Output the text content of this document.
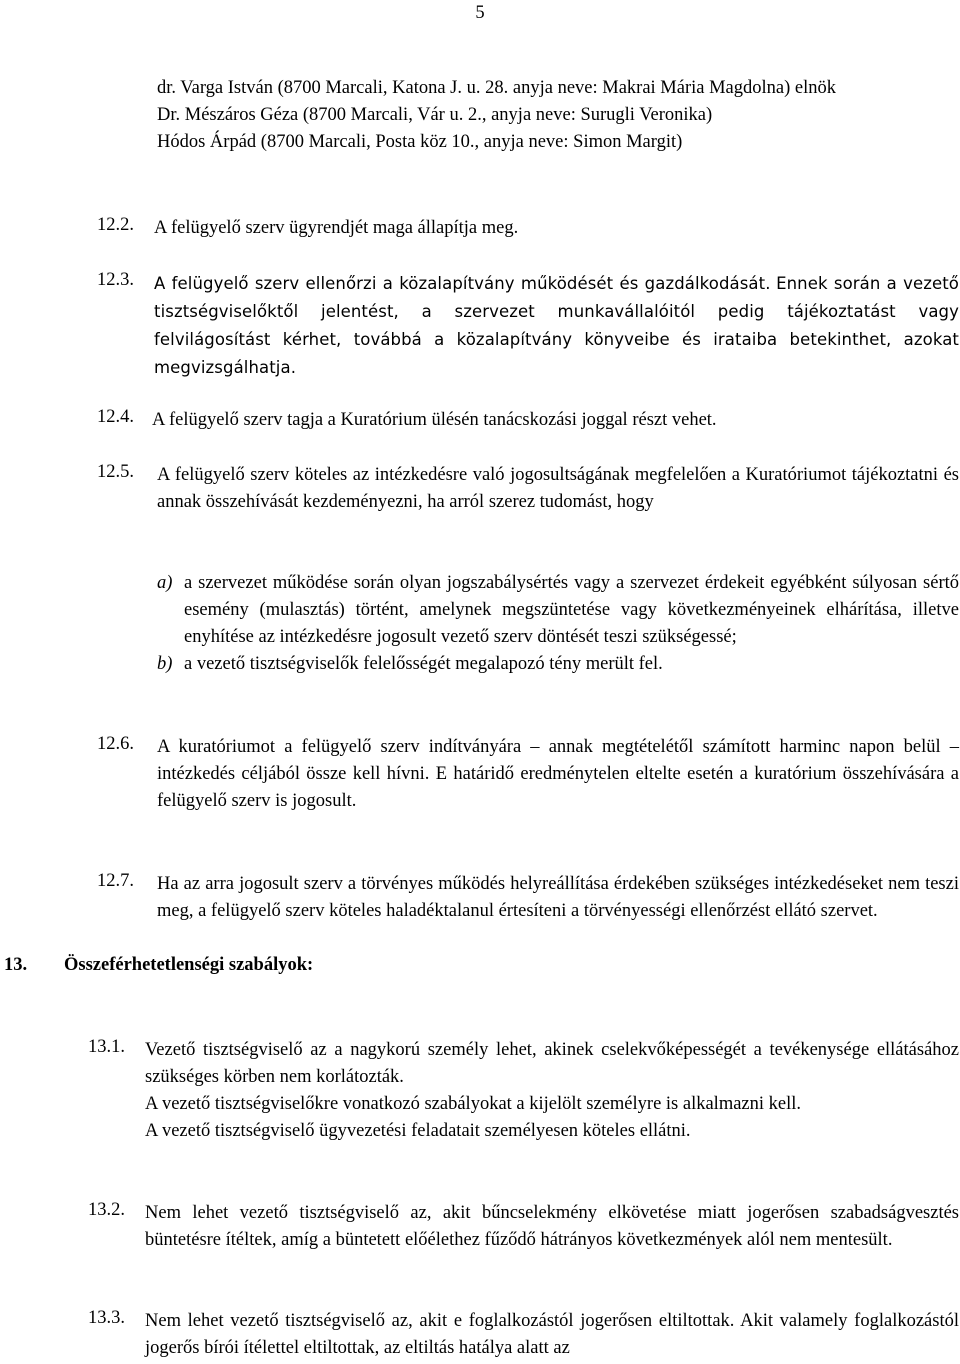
5

dr. Varga István (8700 Marcali, Katona J. u. 28. anyja neve: Makrai Mária Magdolna) elnök

Dr. Mészáros Géza (8700 Marcali, Vár u. 2., anyja neve: Surugli Veronika)

Hódos Árpád (8700 Marcali, Posta köz 10., anyja neve: Simon Margit)

12.2. A felügyelő szerv ügyrendjét maga állapítja meg.

12.3. A felügyelő szerv ellenőrzi a közalapítvány működését és gazdálkodását. Ennek során a vezető tisztségviselőktől jelentést, a szervezet munkavállalóitól pedig tájékoztatást vagy felvilágosítást kérhet, továbbá a közalapítvány könyveibe és irataiba betekinthet, azokat megvizsgálhatja.

12.4. A felügyelő szerv tagja a Kuratórium ülésén tanácskozási joggal részt vehet.

12.5. A felügyelő szerv köteles az intézkedésre való jogosultságának megfelelően a Kuratóriumot tájékoztatni és annak összehívását kezdeményezni, ha arról szerez tudomást, hogy

a) a szervezet működése során olyan jogszabálysértés vagy a szervezet érdekeit egyébként súlyosan sértő esemény (mulasztás) történt, amelynek megszüntetése vagy következményeinek elhárítása, illetve enyhítése az intézkedésre jogosult vezető szerv döntését teszi szükségessé;

b) a vezető tisztségviselők felelősségét megalapozó tény merült fel.

12.6. A kuratóriumot a felügyelő szerv indítványára – annak megtételétől számított harminc napon belül – intézkedés céljából össze kell hívni. E határidő eredménytelen eltelte esetén a kuratórium összehívására a felügyelő szerv is jogosult.

12.7. Ha az arra jogosult szerv a törvényes működés helyreállítása érdekében szükséges intézkedéseket nem teszi meg, a felügyelő szerv köteles haladéktalanul értesíteni a törvényességi ellenőrzést ellátó szervet.

13. Összeférhetetlenségi szabályok:
13.1. Vezető tisztségviselő az a nagykorú személy lehet, akinek cselekvőképességét a tevékenysége ellátásához szükséges körben nem korlátozták.

A vezető tisztségviselőkre vonatkozó szabályokat a kijelölt személyre is alkalmazni kell.

A vezető tisztségviselő ügyvezetési feladatait személyesen köteles ellátni.

13.2. Nem lehet vezető tisztségviselő az, akit bűncselekmény elkövetése miatt jogerősen szabadságvesztés büntetésre ítéltek, amíg a büntetett előélethez fűződő hátrányos következmények alól nem mentesült.

13.3. Nem lehet vezető tisztségviselő az, akit e foglalkozástól jogerősen eltiltottak. Akit valamely foglalkozástól jogerős bírói ítélettel eltiltottak, az eltiltás hatálya alatt az
